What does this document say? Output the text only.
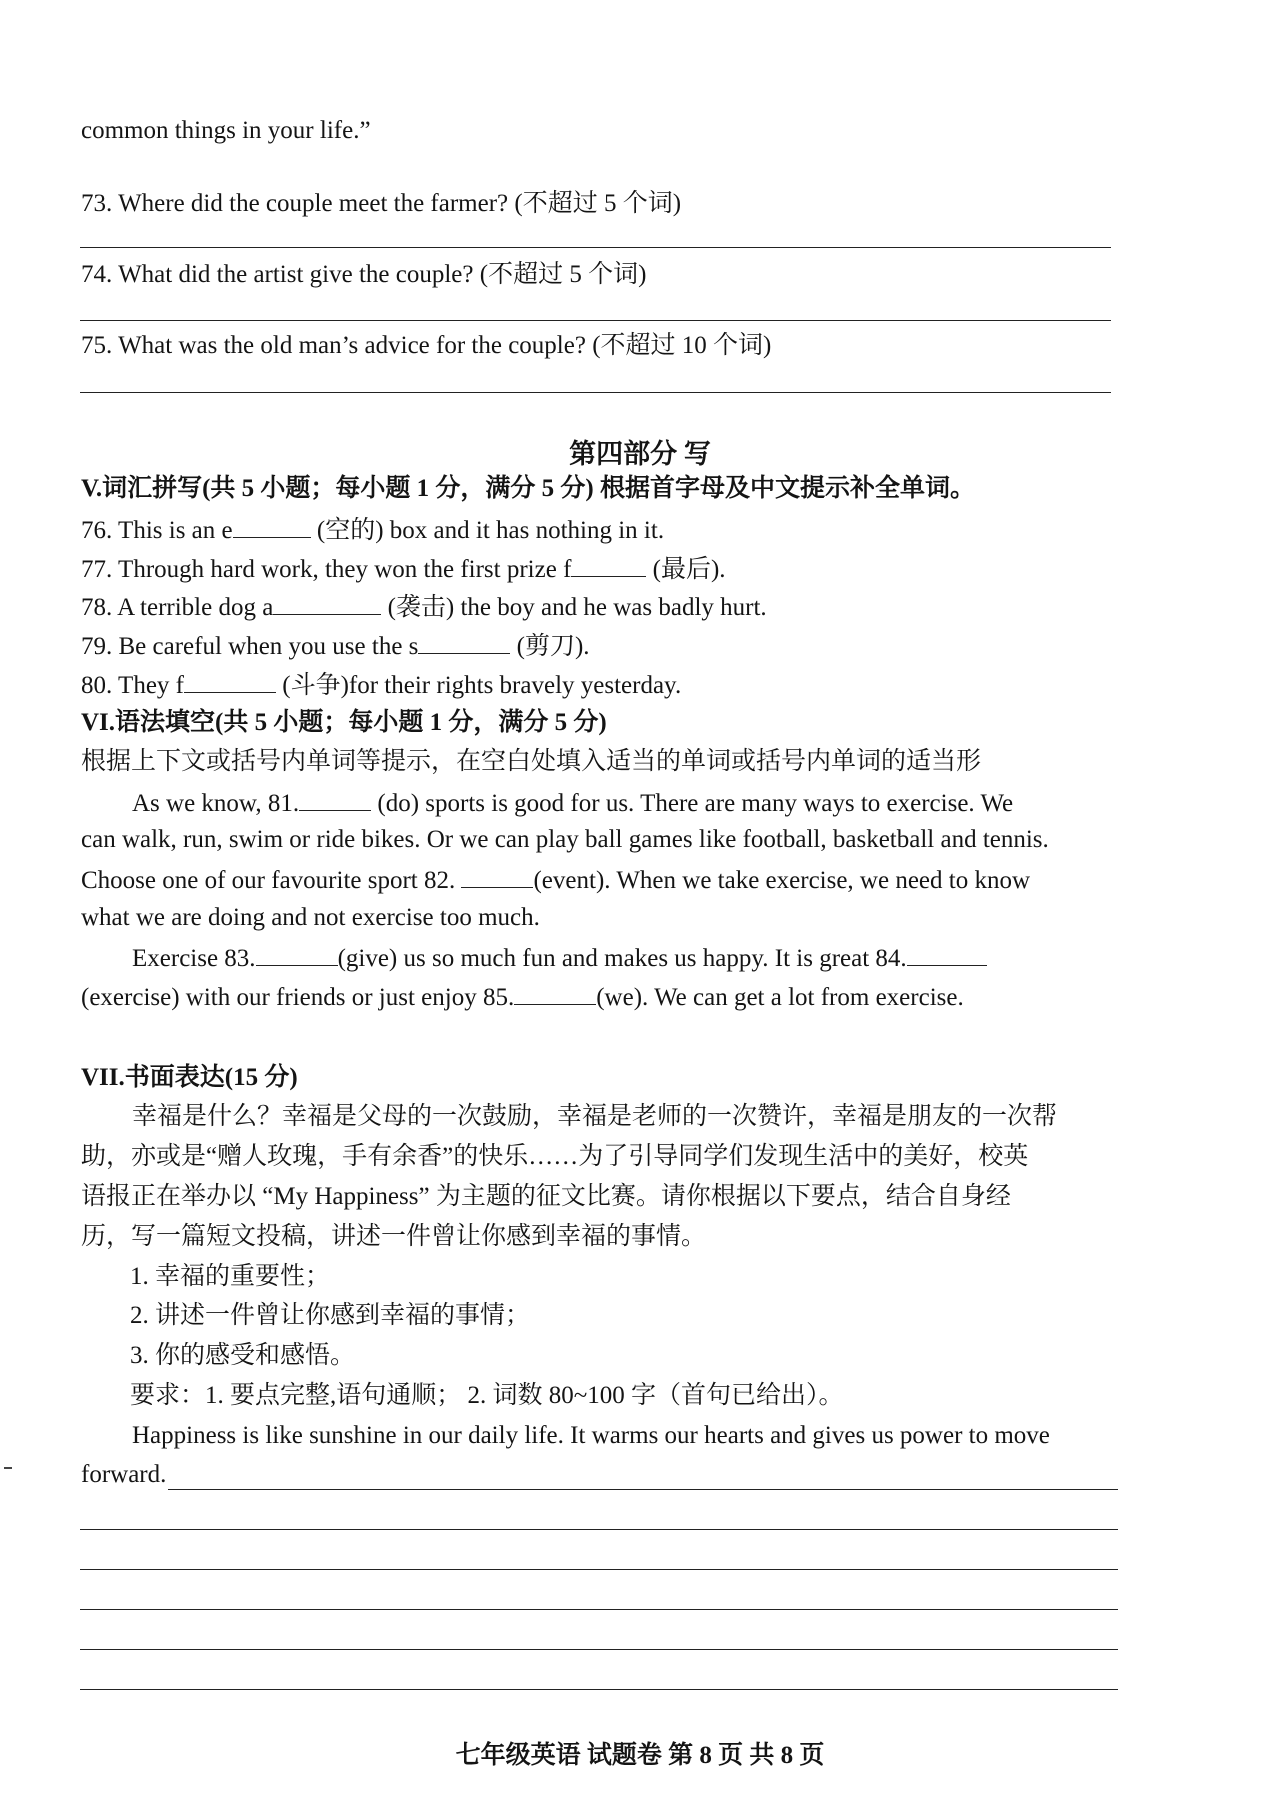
common things in your life.”
73. Where did the couple meet the farmer? (不超过 5 个词)
74. What did the artist give the couple? (不超过 5 个词)
75. What was the old man’s advice for the couple? (不超过 10 个词)
第四部分 写
V.词汇拼写(共 5 小题；每小题 1 分，满分 5 分) 根据首字母及中文提示补全单词。
76. This is an e	(空的) box and it has nothing in it.
77. Through hard work, they won the first prize f	(最后).
78. A terrible dog a	(袭击) the boy and he was badly hurt.
79. Be careful when you use the s	(剪刀).
80. They f	(斗争)for their rights bravely yesterday.
VI.语法填空(共 5 小题；每小题 1 分，满分 5 分)
根据上下文或括号内单词等提示，在空白处填入适当的单词或括号内单词的适当形
As we know, 81.	(do) sports is good for us. There are many ways to exercise. We
can walk, run, swim or ride bikes. Or we can play ball games like football, basketball and tennis.
Choose one of our favourite sport 82.	(event). When we take exercise, we need to know
what we are doing and not exercise too much.
Exercise 83.	(give) us so much fun and makes us happy. It is great 84.
(exercise) with our friends or just enjoy 85.	(we). We can get a lot from exercise.
VII.书面表达(15 分)
幸福是什么？幸福是父母的一次鼓励，幸福是老师的一次赞许，幸福是朋友的一次帮
助，亦或是“赠人玫瑰，手有余香”的快乐……为了引导同学们发现生活中的美好，校英
语报正在举办以 “My Happiness” 为主题的征文比赛。请你根据以下要点，结合自身经
历，写一篇短文投稿，讲述一件曾让你感到幸福的事情。
1. 幸福的重要性；
2. 讲述一件曾让你感到幸福的事情；
3. 你的感受和感悟。
要求：1. 要点完整,语句通顺； 2. 词数 80~100 字（首句已给出）。
Happiness is like sunshine in our daily life. It warms our hearts and gives us power to move
forward.
七年级英语 试题卷 第 8 页 共 8 页
